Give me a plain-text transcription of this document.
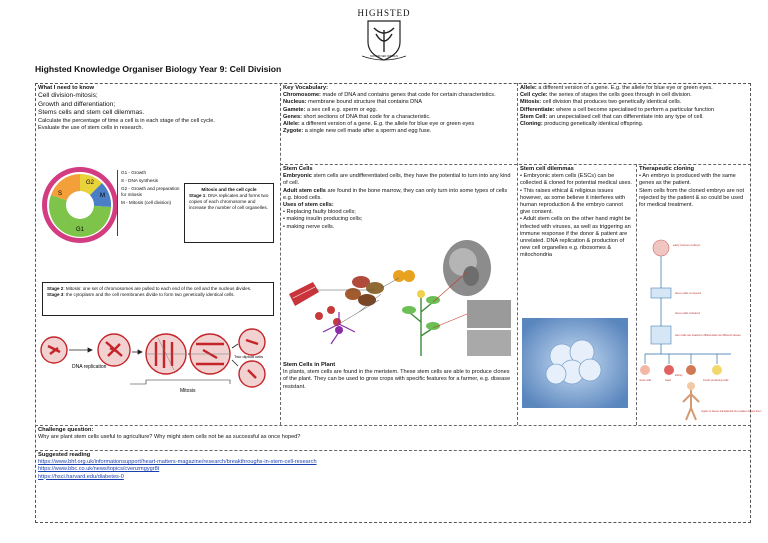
HIGHSTED
NON SIBI SED OMNIBUS
Highsted Knowledge Organiser Biology Year 9: Cell Division
What I need to know
Cell division-mitosis;
Growth and differentiation;
Stems cells and stem cell dilemmas.
Calculate the percentage of time a cell is in each stage of the cell cycle.
Evaluate the use of stem cells in research.
G2
M
G1
S
G1 - Growth
S - DNA synthesis
G2 - Growth and preparation for mitosis
M - Mitosis (cell division)
Mitosis and the cell cycle
Stage 1: DNA replicates and forms two copies of each chromosome and increase the number of cell organelles.
Stage 2: Mitosis: one set of chromosomes are pulled to each end of the cell and the nucleus divides.
Stage 3: the cytoplasm and the cell membranes divide to form two genetically identical cells.
DNA replication
Mitosis
Two diploid cells
Key Vocabulary:
Chromosome: made of DNA and contains genes that code for certain characteristics.
Nucleus: membrane bound structure that contains DNA
Gamete: a sex cell e.g. sperm or egg.
Genes: short sections of DNA that code for a characteristic.
Allele: a different version of a gene. E.g. the allele for blue eye or green eyes
Zygote: a single new cell made after a sperm and egg fuse.
Allele: a different version of a gene. E.g. the allele for blue eye or green eyes.
Cell cycle: the series of stages the cells goes through in cell division.
Mitosis: cell division that produces two genetically identical cells.
Differentiate: where a cell become specialised to perform a particular function
Stem Cell: an unspecialised cell that can differentiate into any type of cell.
Cloning: producing genetically identical offspring.
Stem Cells
Embryonic stem cells are undifferentiated cells, they have the potential to turn into any kind of cell.
Adult stem cells are found in the bone marrow, they can only turn into some types of cells e.g. blood cells.
Uses of stem cells:
• Replacing faulty blood cells;
• making insulin producing cells;
• making nerve cells.
Stem Cells in Plant
In plants, stem cells are found in the meristem. These stem cells are able to produce clones of the plant. They can be used to grow crops with specific features for a farmer, e.g. disease resistant.
Stem cell dilemmas
• Embryonic stem cells (ESCs) can be collected & cloned for potential medical uses.
• This raises ethical & religious issues however, as some believe it interferes with human reproduction & the embryo cannot give consent.
• Adult stem cells on the other hand might be infected with viruses, as well as triggering an immune response if the donor & patient are unrelated. DNA replication & production of new cell organelles e.g. ribosomes & mitochondria
Therapeutic cloning
• An embryo is produced with the same genes as the patient.
Stem cells from the cloned embryo are not rejected by the patient & so could be used for medical treatment.
early human embryo
stem cells removed
stem cells cultured
stem cells are treated to differentiate into different tissues
nerve cells	heart	insulin producing cells
kidney
organs or tissues transplanted into a patient to cure them
Challenge question:
Why are plant stem cells useful to agriculture? Why might stem cells not be as successful as once hoped?
Suggested reading
https://www.bhf.org.uk/informationsupport/heart-matters-magazine/research/breakthroughs-in-stem-cell-research
https://www.bbc.co.uk/news/topics/cvenzmgygr8t
https://hsci.harvard.edu/diabetes-0
